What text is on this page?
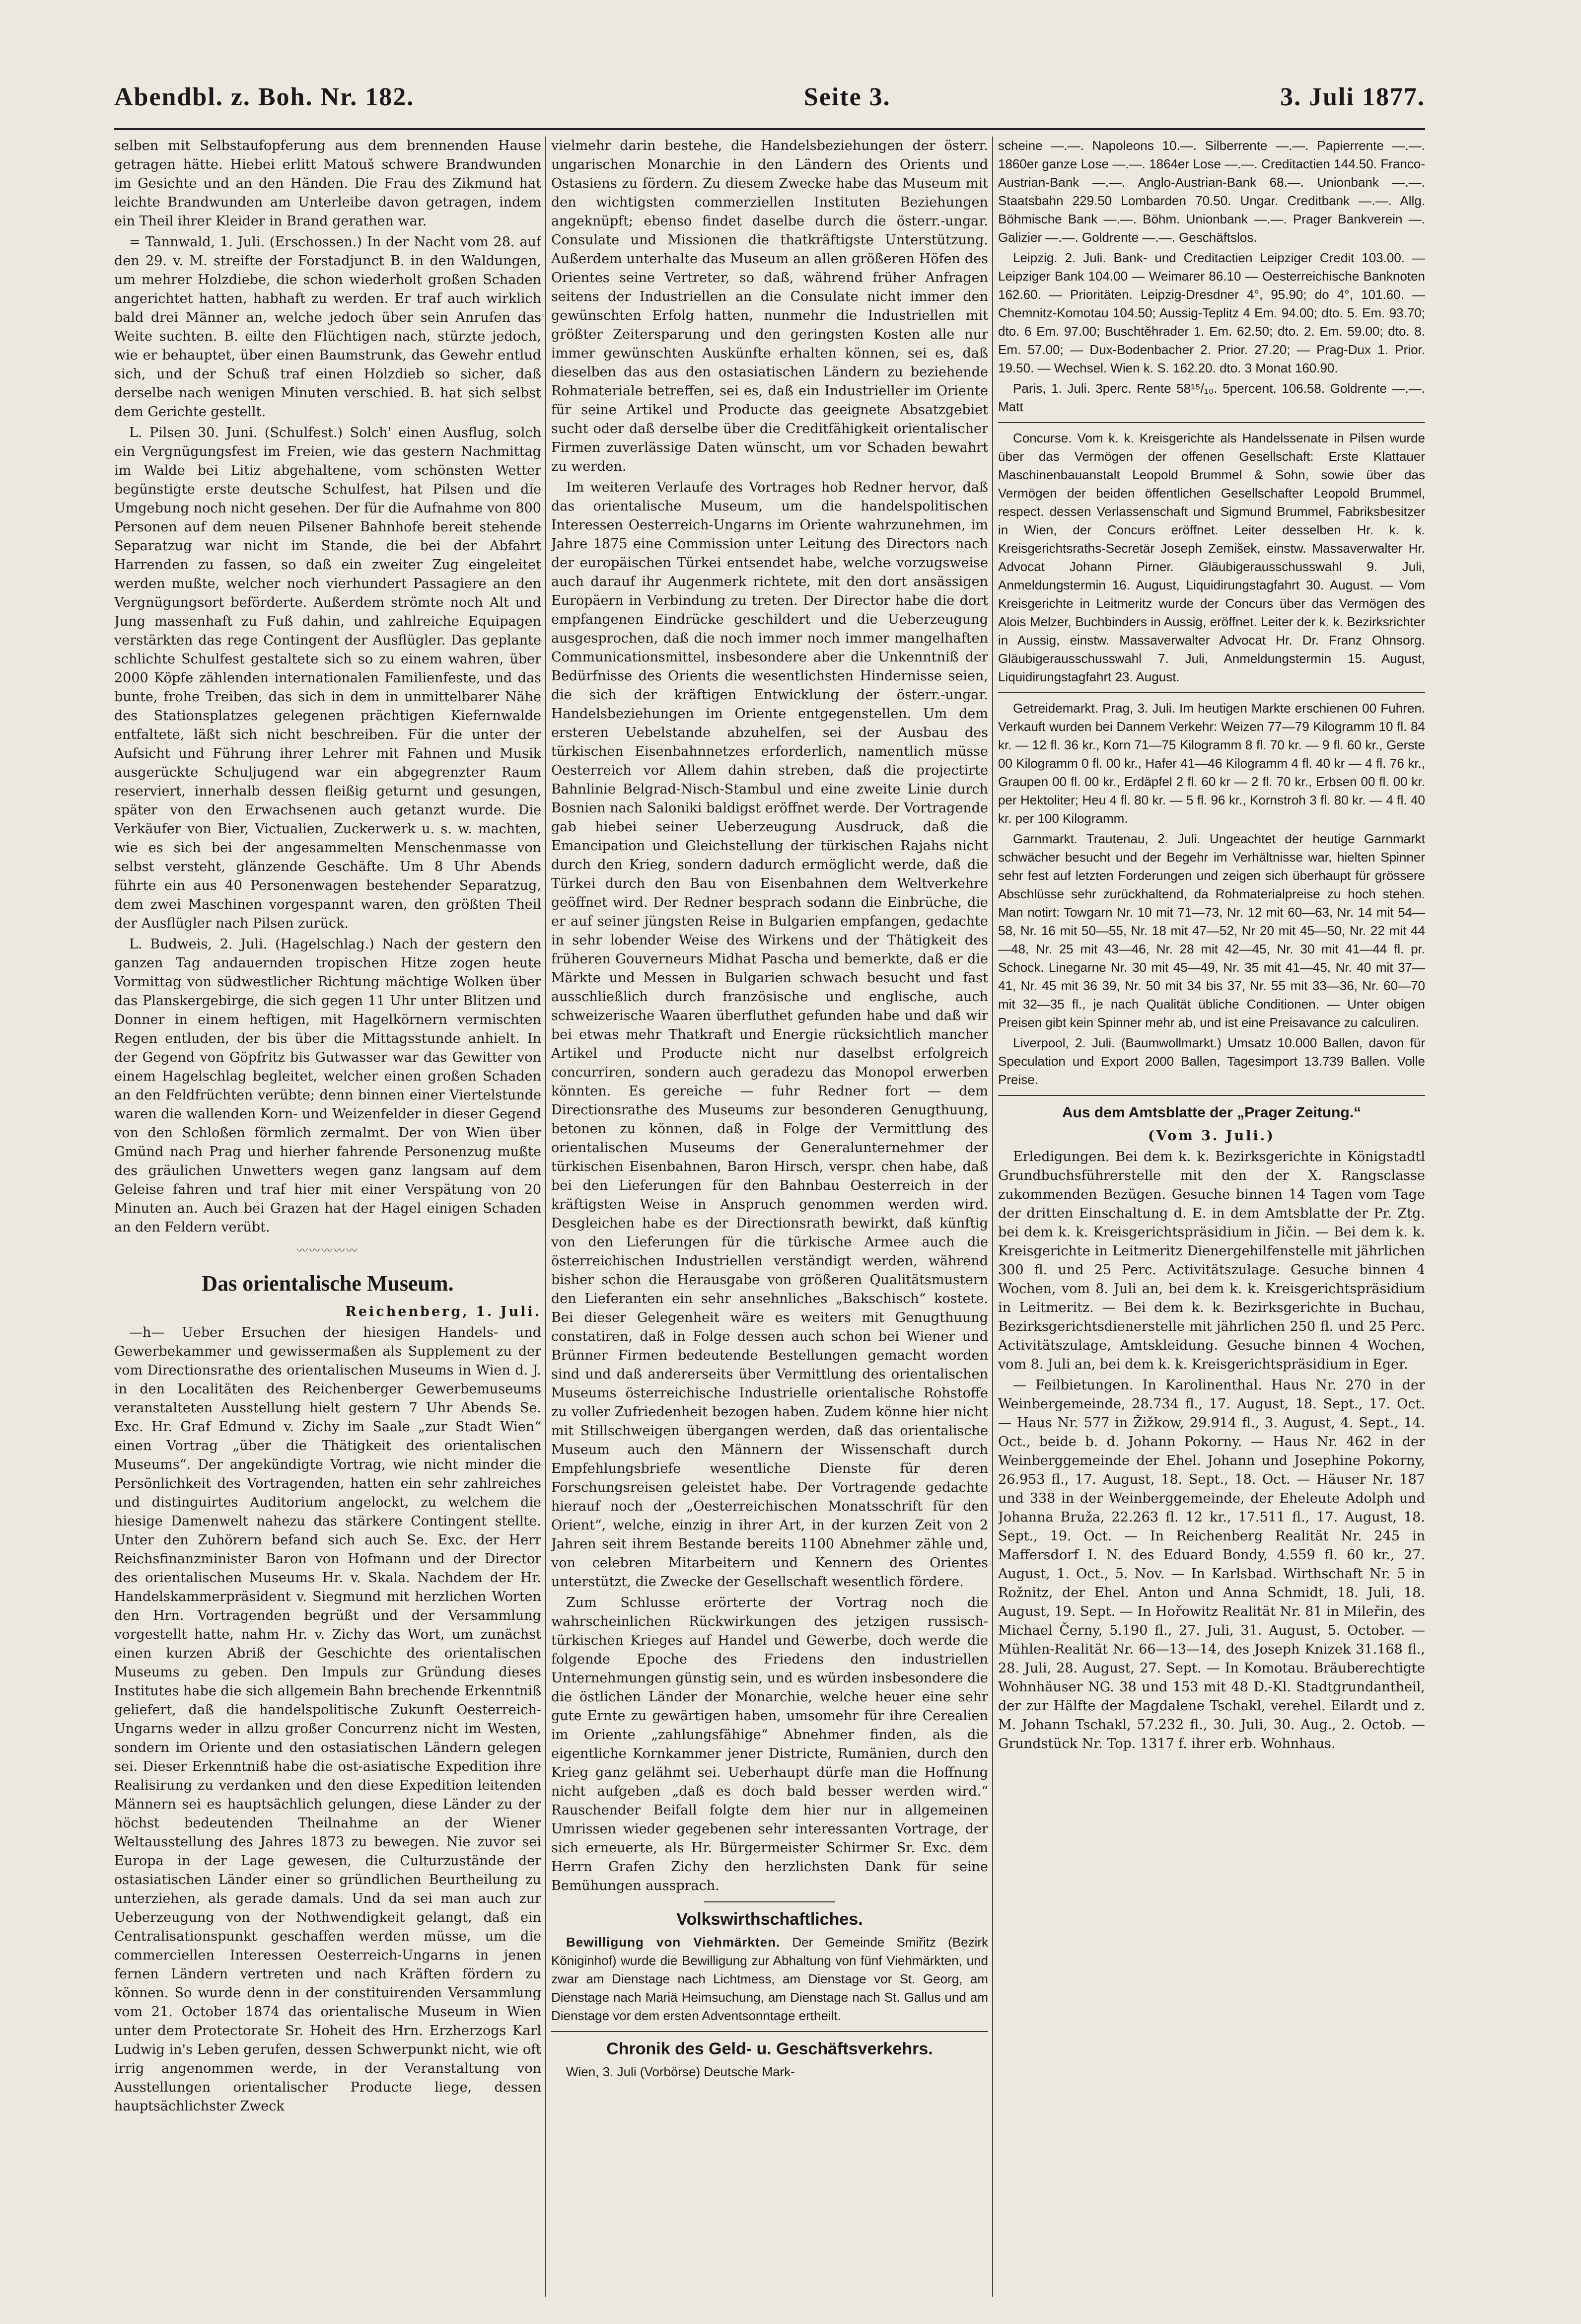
Abendbl. z. Boh. Nr. 182.	Seite 3.	3. Juli 1877.

selben mit Selbstaufopferung aus dem brennenden Hause getragen hätte. Hiebei erlitt Matouš schwere Brandwunden im Gesichte und an den Händen. Die Frau des Zikmund hat leichte Brandwunden am Unterleibe davon getragen, indem ein Theil ihrer Kleider in Brand gerathen war.

= Tannwald, 1. Juli. (Erschossen.) In der Nacht vom 28. auf den 29. v. M. streifte der Forstadjunct B. in den Waldungen, um mehrer Holzdiebe, die schon wiederholt großen Schaden angerichtet hatten, habhaft zu werden. Er traf auch wirklich bald drei Männer an, welche jedoch über sein Anrufen das Weite suchten. B. eilte den Flüchtigen nach, stürzte jedoch, wie er behauptet, über einen Baumstrunk, das Gewehr entlud sich, und der Schuß traf einen Holzdieb so sicher, daß derselbe nach wenigen Minuten verschied. B. hat sich selbst dem Gerichte gestellt.

L. Pilsen 30. Juni. (Schulfest.) Solch' einen Ausflug, solch ein Vergnügungsfest im Freien, wie das gestern Nachmittag im Walde bei Litiz abgehaltene, vom schönsten Wetter begünstigte erste deutsche Schulfest, hat Pilsen und die Umgebung noch nicht gesehen. Der für die Aufnahme von 800 Personen auf dem neuen Pilsener Bahnhofe bereit stehende Separatzug war nicht im Stande, die bei der Abfahrt Harrenden zu fassen, so daß ein zweiter Zug eingeleitet werden mußte, welcher noch vierhundert Passagiere an den Vergnügungsort beförderte. Außerdem strömte noch Alt und Jung massenhaft zu Fuß dahin, und zahlreiche Equipagen verstärkten das rege Contingent der Ausflügler. Das geplante schlichte Schulfest gestaltete sich so zu einem wahren, über 2000 Köpfe zählenden internationalen Familienfeste, und das bunte, frohe Treiben, das sich in dem in unmittelbarer Nähe des Stationsplatzes gelegenen prächtigen Kiefernwalde entfaltete, läßt sich nicht beschreiben. Für die unter der Aufsicht und Führung ihrer Lehrer mit Fahnen und Musik ausgerückte Schuljugend war ein abgegrenzter Raum reserviert, innerhalb dessen fleißig geturnt und gesungen, später von den Erwachsenen auch getanzt wurde. Die Verkäufer von Bier, Victualien, Zuckerwerk u. s. w. machten, wie es sich bei der angesammelten Menschenmasse von selbst versteht, glänzende Geschäfte. Um 8 Uhr Abends führte ein aus 40 Personenwagen bestehender Separatzug, dem zwei Maschinen vorgespannt waren, den größten Theil der Ausflügler nach Pilsen zurück.

L. Budweis, 2. Juli. (Hagelschlag.) Nach der gestern den ganzen Tag andauernden tropischen Hitze zogen heute Vormittag von südwestlicher Richtung mächtige Wolken über das Planskergebirge, die sich gegen 11 Uhr unter Blitzen und Donner in einem heftigen, mit Hagelkörnern vermischten Regen entluden, der bis über die Mittagsstunde anhielt. In der Gegend von Göpfritz bis Gutwasser war das Gewitter von einem Hagelschlag begleitet, welcher einen großen Schaden an den Feldfrüchten verübte; denn binnen einer Viertelstunde waren die wallenden Korn- und Weizenfelder in dieser Gegend von den Schloßen förmlich zermalmt. Der von Wien über Gmünd nach Prag und hierher fahrende Personenzug mußte des gräulichen Unwetters wegen ganz langsam auf dem Geleise fahren und traf hier mit einer Verspätung von 20 Minuten an. Auch bei Grazen hat der Hagel einigen Schaden an den Feldern verübt.

〰〰〰〰〰
Das orientalische Museum.
Reichenberg, 1. Juli.

—h— Ueber Ersuchen der hiesigen Handels- und Gewerbekammer und gewissermaßen als Supplement zu der vom Directionsrathe des orientalischen Museums in Wien d. J. in den Localitäten des Reichenberger Gewerbemuseums veranstalteten Ausstellung hielt gestern 7 Uhr Abends Se. Exc. Hr. Graf Edmund v. Zichy im Saale „zur Stadt Wien“ einen Vortrag „über die Thätigkeit des orientalischen Museums“. Der angekündigte Vortrag, wie nicht minder die Persönlichkeit des Vortragenden, hatten ein sehr zahlreiches und distinguirtes Auditorium angelockt, zu welchem die hiesige Damenwelt nahezu das stärkere Contingent stellte. Unter den Zuhörern befand sich auch Se. Exc. der Herr Reichsfinanzminister Baron von Hofmann und der Director des orientalischen Museums Hr. v. Skala. Nachdem der Hr. Handelskammerpräsident v. Siegmund mit herzlichen Worten den Hrn. Vortragenden begrüßt und der Versammlung vorgestellt hatte, nahm Hr. v. Zichy das Wort, um zunächst einen kurzen Abriß der Geschichte des orientalischen Museums zu geben. Den Impuls zur Gründung dieses Institutes habe die sich allgemein Bahn brechende Erkenntniß geliefert, daß die handelspolitische Zukunft Oesterreich-Ungarns weder in allzu großer Concurrenz nicht im Westen, sondern im Oriente und den ostasiatischen Ländern gelegen sei. Dieser Erkenntniß habe die ost-asiatische Expedition ihre Realisirung zu verdanken und den diese Expedition leitenden Männern sei es hauptsächlich gelungen, diese Länder zu der höchst bedeutenden Theilnahme an der Wiener Weltausstellung des Jahres 1873 zu bewegen. Nie zuvor sei Europa in der Lage gewesen, die Culturzustände der ostasiatischen Länder einer so gründlichen Beurtheilung zu unterziehen, als gerade damals. Und da sei man auch zur Ueberzeugung von der Nothwendigkeit gelangt, daß ein Centralisationspunkt geschaffen werden müsse, um die commerciellen Interessen Oesterreich-Ungarns in jenen fernen Ländern vertreten und nach Kräften fördern zu können. So wurde denn in der constituirenden Versammlung vom 21. October 1874 das orientalische Museum in Wien unter dem Protectorate Sr. Hoheit des Hrn. Erzherzogs Karl Ludwig in's Leben gerufen, dessen Schwerpunkt nicht, wie oft irrig angenommen werde, in der Veranstaltung von Ausstellungen orientalischer Producte liege, dessen hauptsächlichster Zweck

vielmehr darin bestehe, die Handelsbeziehungen der österr. ungarischen Monarchie in den Ländern des Orients und Ostasiens zu fördern. Zu diesem Zwecke habe das Museum mit den wichtigsten commerziellen Instituten Beziehungen angeknüpft; ebenso findet daselbe durch die österr.-ungar. Consulate und Missionen die thatkräftigste Unterstützung. Außerdem unterhalte das Museum an allen größeren Höfen des Orientes seine Vertreter, so daß, während früher Anfragen seitens der Industriellen an die Consulate nicht immer den gewünschten Erfolg hatten, nunmehr die Industriellen mit größter Zeitersparung und den geringsten Kosten alle nur immer gewünschten Auskünfte erhalten können, sei es, daß dieselben das aus den ostasiatischen Ländern zu beziehende Rohmateriale betreffen, sei es, daß ein Industrieller im Oriente für seine Artikel und Producte das geeignete Absatzgebiet sucht oder daß derselbe über die Creditfähigkeit orientalischer Firmen zuverlässige Daten wünscht, um vor Schaden bewahrt zu werden.

Im weiteren Verlaufe des Vortrages hob Redner hervor, daß das orientalische Museum, um die handelspolitischen Interessen Oesterreich-Ungarns im Oriente wahrzunehmen, im Jahre 1875 eine Commission unter Leitung des Directors nach der europäischen Türkei entsendet habe, welche vorzugsweise auch darauf ihr Augenmerk richtete, mit den dort ansässigen Europäern in Verbindung zu treten. Der Director habe die dort empfangenen Eindrücke geschildert und die Ueberzeugung ausgesprochen, daß die noch immer noch immer mangelhaften Communicationsmittel, insbesondere aber die Unkenntniß der Bedürfnisse des Orients die wesentlichsten Hindernisse seien, die sich der kräftigen Entwicklung der österr.-ungar. Handelsbeziehungen im Oriente entgegenstellen. Um dem ersteren Uebelstande abzuhelfen, sei der Ausbau des türkischen Eisenbahnnetzes erforderlich, namentlich müsse Oesterreich vor Allem dahin streben, daß die projectirte Bahnlinie Belgrad-Nisch-Stambul und eine zweite Linie durch Bosnien nach Saloniki baldigst eröffnet werde. Der Vortragende gab hiebei seiner Ueberzeugung Ausdruck, daß die Emancipation und Gleichstellung der türkischen Rajahs nicht durch den Krieg, sondern dadurch ermöglicht werde, daß die Türkei durch den Bau von Eisenbahnen dem Weltverkehre geöffnet wird. Der Redner besprach sodann die Einbrüche, die er auf seiner jüngsten Reise in Bulgarien empfangen, gedachte in sehr lobender Weise des Wirkens und der Thätigkeit des früheren Gouverneurs Midhat Pascha und bemerkte, daß er die Märkte und Messen in Bulgarien schwach besucht und fast ausschließlich durch französische und englische, auch schweizerische Waaren überfluthet gefunden habe und daß wir bei etwas mehr Thatkraft und Energie rücksichtlich mancher Artikel und Producte nicht nur daselbst erfolgreich concurriren, sondern auch geradezu das Monopol erwerben könnten. Es gereiche — fuhr Redner fort — dem Directionsrathe des Museums zur besonderen Genugthuung, betonen zu können, daß in Folge der Vermittlung des orientalischen Museums der Generalunternehmer der türkischen Eisenbahnen, Baron Hirsch, verspr. chen habe, daß bei den Lieferungen für den Bahnbau Oesterreich in der kräftigsten Weise in Anspruch genommen werden wird. Desgleichen habe es der Directionsrath bewirkt, daß künftig von den Lieferungen für die türkische Armee auch die österreichischen Industriellen verständigt werden, während bisher schon die Herausgabe von größeren Qualitätsmustern den Lieferanten ein sehr ansehnliches „Bakschisch“ kostete. Bei dieser Gelegenheit wäre es weiters mit Genugthuung constatiren, daß in Folge dessen auch schon bei Wiener und Brünner Firmen bedeutende Bestellungen gemacht worden sind und daß andererseits über Vermittlung des orientalischen Museums österreichische Industrielle orientalische Rohstoffe zu voller Zufriedenheit bezogen haben. Zudem könne hier nicht mit Stillschweigen übergangen werden, daß das orientalische Museum auch den Männern der Wissenschaft durch Empfehlungsbriefe wesentliche Dienste für deren Forschungsreisen geleistet habe. Der Vortragende gedachte hierauf noch der „Oesterreichischen Monatsschrift für den Orient“, welche, einzig in ihrer Art, in der kurzen Zeit von 2 Jahren seit ihrem Bestande bereits 1100 Abnehmer zähle und, von celebren Mitarbeitern und Kennern des Orientes unterstützt, die Zwecke der Gesellschaft wesentlich fördere.

Zum Schlusse erörterte der Vortrag noch die wahrscheinlichen Rückwirkungen des jetzigen russisch-türkischen Krieges auf Handel und Gewerbe, doch werde die folgende Epoche des Friedens den industriellen Unternehmungen günstig sein, und es würden insbesondere die die östlichen Länder der Monarchie, welche heuer eine sehr gute Ernte zu gewärtigen haben, umsomehr für ihre Cerealien im Oriente „zahlungsfähige“ Abnehmer finden, als die eigentliche Kornkammer jener Districte, Rumänien, durch den Krieg ganz gelähmt sei. Ueberhaupt dürfe man die Hoffnung nicht aufgeben „daß es doch bald besser werden wird.“ Rauschender Beifall folgte dem hier nur in allgemeinen Umrissen wieder gegebenen sehr interessanten Vortrage, der sich erneuerte, als Hr. Bürgermeister Schirmer Sr. Exc. dem Herrn Grafen Zichy den herzlichsten Dank für seine Bemühungen aussprach.

Volkswirthschaftliches.

Bewilligung von Viehmärkten. Der Gemeinde Smiřitz (Bezirk Königinhof) wurde die Bewilligung zur Abhaltung von fünf Viehmärkten, und zwar am Dienstage nach Lichtmess, am Dienstage vor St. Georg, am Dienstage nach Mariä Heimsuchung, am Dienstage nach St. Gallus und am Dienstage vor dem ersten Adventsonntage ertheilt.

Chronik des Geld- u. Geschäftsverkehrs.

Wien, 3. Juli (Vorbörse) Deutsche Mark-

scheine —.—. Napoleons 10.—. Silberrente —.—. Papierrente —.—. 1860er ganze Lose —.—. 1864er Lose —.—. Creditactien 144.50. Franco-Austrian-Bank —.—. Anglo-Austrian-Bank 68.—. Unionbank —.—. Staatsbahn 229.50 Lombarden 70.50. Ungar. Creditbank —.—. Allg. Böhmische Bank —.—. Böhm. Unionbank —.—. Prager Bankverein —. Galizier —.—. Goldrente —.—. Geschäftslos.

Leipzig. 2. Juli. Bank- und Creditactien Leipziger Credit 103.00. — Leipziger Bank 104.00 — Weimarer 86.10 — Oesterreichische Banknoten 162.60. — Prioritäten. Leipzig-Dresdner 4°, 95.90; do 4°, 101.60. — Chemnitz-Komotau 104.50; Aussig-Teplitz 4 Em. 94.00; dto. 5. Em. 93.70; dto. 6 Em. 97.00; Buschtěhrader 1. Em. 62.50; dto. 2. Em. 59.00; dto. 8. Em. 57.00; — Dux-Bodenbacher 2. Prior. 27.20; — Prag-Dux 1. Prior. 19.50. — Wechsel. Wien k. S. 162.20. dto. 3 Monat 160.90.

Paris, 1. Juli. 3perc. Rente 58¹⁵/₁₀. 5percent. 106.58. Goldrente —.—. Matt

Concurse. Vom k. k. Kreisgerichte als Handelssenate in Pilsen wurde über das Vermögen der offenen Gesellschaft: Erste Klattauer Maschinenbauanstalt Leopold Brummel & Sohn, sowie über das Vermögen der beiden öffentlichen Gesellschafter Leopold Brummel, respect. dessen Verlassenschaft und Sigmund Brummel, Fabriksbesitzer in Wien, der Concurs eröffnet. Leiter desselben Hr. k. k. Kreisgerichtsraths-Secretär Joseph Zemišek, einstw. Massaverwalter Hr. Advocat Johann Pirner. Gläubigerausschusswahl 9. Juli, Anmeldungstermin 16. August, Liquidirungstagfahrt 30. August. — Vom Kreisgerichte in Leitmeritz wurde der Concurs über das Vermögen des Alois Melzer, Buchbinders in Aussig, eröffnet. Leiter der k. k. Bezirksrichter in Aussig, einstw. Massaverwalter Advocat Hr. Dr. Franz Ohnsorg. Gläubigerausschusswahl 7. Juli, Anmeldungstermin 15. August, Liquidirungstagfahrt 23. August.

Getreidemarkt. Prag, 3. Juli. Im heutigen Markte erschienen 00 Fuhren. Verkauft wurden bei Dannem Verkehr: Weizen 77—79 Kilogramm 10 fl. 84 kr. — 12 fl. 36 kr., Korn 71—75 Kilogramm 8 fl. 70 kr. — 9 fl. 60 kr., Gerste 00 Kilogramm 0 fl. 00 kr., Hafer 41—46 Kilogramm 4 fl. 40 kr — 4 fl. 76 kr., Graupen 00 fl. 00 kr., Erdäpfel 2 fl. 60 kr — 2 fl. 70 kr., Erbsen 00 fl. 00 kr. per Hektoliter; Heu 4 fl. 80 kr. — 5 fl. 96 kr., Kornstroh 3 fl. 80 kr. — 4 fl. 40 kr. per 100 Kilogramm.

Garnmarkt. Trautenau, 2. Juli. Ungeachtet der heutige Garnmarkt schwächer besucht und der Begehr im Verhältnisse war, hielten Spinner sehr fest auf letzten Forderungen und zeigen sich überhaupt für grössere Abschlüsse sehr zurückhaltend, da Rohmaterialpreise zu hoch stehen. Man notirt: Towgarn Nr. 10 mit 71—73, Nr. 12 mit 60—63, Nr. 14 mit 54—58, Nr. 16 mit 50—55, Nr. 18 mit 47—52, Nr 20 mit 45—50, Nr. 22 mit 44—48, Nr. 25 mit 43—46, Nr. 28 mit 42—45, Nr. 30 mit 41—44 fl. pr. Schock. Linegarne Nr. 30 mit 45—49, Nr. 35 mit 41—45, Nr. 40 mit 37—41, Nr. 45 mit 36 39, Nr. 50 mit 34 bis 37, Nr. 55 mit 33—36, Nr. 60—70 mit 32—35 fl., je nach Qualität übliche Conditionen. — Unter obigen Preisen gibt kein Spinner mehr ab, und ist eine Preisavance zu calculiren.

Liverpool, 2. Juli. (Baumwollmarkt.) Umsatz 10.000 Ballen, davon für Speculation und Export 2000 Ballen, Tagesimport 13.739 Ballen. Volle Preise.

Aus dem Amtsblatte der „Prager Zeitung.“
(Vom 3. Juli.)

Erledigungen. Bei dem k. k. Bezirksgerichte in Königstadtl Grundbuchsführerstelle mit den der X. Rangsclasse zukommenden Bezügen. Gesuche binnen 14 Tagen vom Tage der dritten Einschaltung d. E. in dem Amtsblatte der Pr. Ztg. bei dem k. k. Kreisgerichtspräsidium in Jičin. — Bei dem k. k. Kreisgerichte in Leitmeritz Dienergehilfenstelle mit jährlichen 300 fl. und 25 Perc. Activitätszulage. Gesuche binnen 4 Wochen, vom 8. Juli an, bei dem k. k. Kreisgerichtspräsidium in Leitmeritz. — Bei dem k. k. Bezirksgerichte in Buchau, Bezirksgerichtsdienerstelle mit jährlichen 250 fl. und 25 Perc. Activitätszulage, Amtskleidung. Gesuche binnen 4 Wochen, vom 8. Juli an, bei dem k. k. Kreisgerichtspräsidium in Eger.

— Feilbietungen. In Karolinenthal. Haus Nr. 270 in der Weinbergemeinde, 28.734 fl., 17. August, 18. Sept., 17. Oct. — Haus Nr. 577 in Žižkow, 29.914 fl., 3. August, 4. Sept., 14. Oct., beide b. d. Johann Pokorny. — Haus Nr. 462 in der Weinberggemeinde der Ehel. Johann und Josephine Pokorny, 26.953 fl., 17. August, 18. Sept., 18. Oct. — Häuser Nr. 187 und 338 in der Weinberggemeinde, der Eheleute Adolph und Johanna Bruža, 22.263 fl. 12 kr., 17.511 fl., 17. August, 18. Sept., 19. Oct. — In Reichenberg Realität Nr. 245 in Maffersdorf I. N. des Eduard Bondy, 4.559 fl. 60 kr., 27. August, 1. Oct., 5. Nov. — In Karlsbad. Wirthschaft Nr. 5 in Rožnitz, der Ehel. Anton und Anna Schmidt, 18. Juli, 18. August, 19. Sept. — In Hořowitz Realität Nr. 81 in Mileřin, des Michael Černy, 5.190 fl., 27. Juli, 31. August, 5. October. — Mühlen-Realität Nr. 66—13—14, des Joseph Knizek 31.168 fl., 28. Juli, 28. August, 27. Sept. — In Komotau. Bräuberechtigte Wohnhäuser NG. 38 und 153 mit 48 D.-Kl. Stadtgrundantheil, der zur Hälfte der Magdalene Tschakl, verehel. Eilardt und z. M. Johann Tschakl, 57.232 fl., 30. Juli, 30. Aug., 2. Octob. — Grundstück Nr. Top. 1317 f. ihrer erb. Wohnhaus.
